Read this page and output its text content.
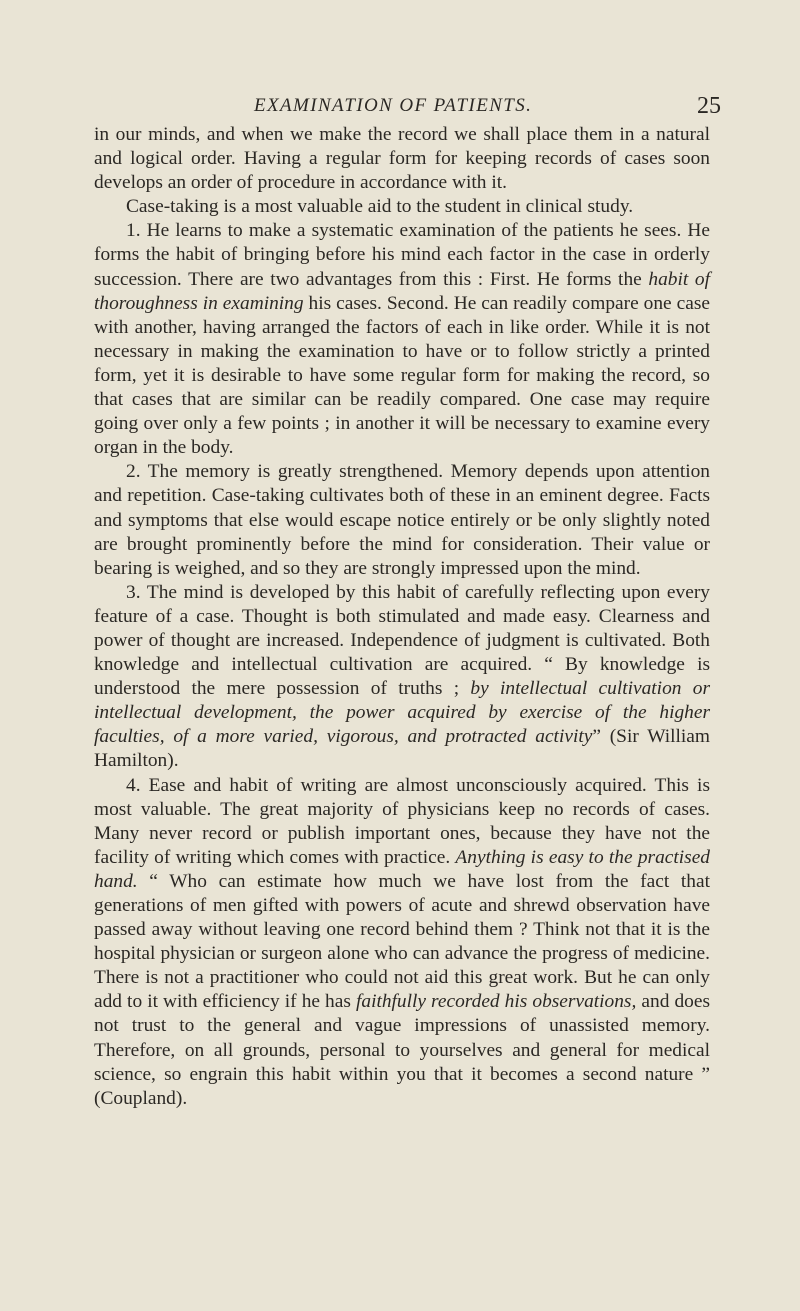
EXAMINATION OF PATIENTS.	25

in our minds, and when we make the record we shall place them in a natural and logical order. Having a regular form for keeping records of cases soon develops an order of procedure in accordance with it.

Case-taking is a most valuable aid to the student in clinical study.

1. He learns to make a systematic examination of the patients he sees. He forms the habit of bringing before his mind each factor in the case in orderly succession. There are two advantages from this : First. He forms the habit of thoroughness in examining his cases. Second. He can readily compare one case with another, having arranged the factors of each in like order. While it is not necessary in making the examination to have or to follow strictly a printed form, yet it is desirable to have some regular form for making the record, so that cases that are similar can be readily compared. One case may require going over only a few points ; in another it will be necessary to examine every organ in the body.

2. The memory is greatly strengthened. Memory depends upon attention and repetition. Case-taking cultivates both of these in an eminent degree. Facts and symptoms that else would escape notice entirely or be only slightly noted are brought prominently before the mind for consideration. Their value or bearing is weighed, and so they are strongly impressed upon the mind.

3. The mind is developed by this habit of carefully reflecting upon every feature of a case. Thought is both stimulated and made easy. Clearness and power of thought are increased. Independence of judgment is cultivated. Both knowledge and intellectual cultivation are acquired. “ By knowledge is understood the mere possession of truths ; by intellectual cultivation or intellectual development, the power acquired by exercise of the higher faculties, of a more varied, vigorous, and protracted activity” (Sir William Hamilton).

4. Ease and habit of writing are almost unconsciously acquired. This is most valuable. The great majority of physicians keep no records of cases. Many never record or publish important ones, because they have not the facility of writing which comes with practice. Anything is easy to the practised hand. “ Who can estimate how much we have lost from the fact that generations of men gifted with powers of acute and shrewd observation have passed away without leaving one record behind them ? Think not that it is the hospital physician or surgeon alone who can advance the progress of medicine. There is not a practitioner who could not aid this great work. But he can only add to it with efficiency if he has faithfully recorded his observations, and does not trust to the general and vague impressions of unassisted memory. Therefore, on all grounds, personal to yourselves and general for medical science, so engrain this habit within you that it becomes a second nature ” (Coupland).
